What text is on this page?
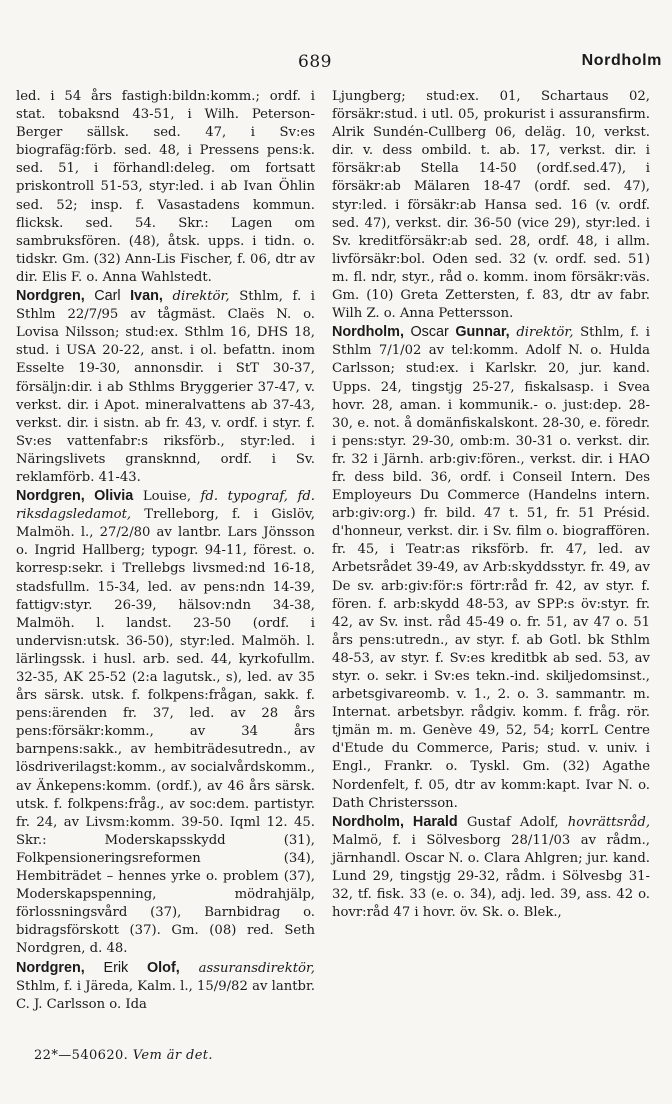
689	Nordholm

led. i 54 års fastigh:bildn:komm.; ordf. i stat. tobaksnd 43-51, i Wilh. Peterson-Berger sällsk. sed. 47, i Sv:es biografäg:förb. sed. 48, i Pressens pens:k. sed. 51, i förhandl:deleg. om fortsatt priskontroll 51-53, styr:led. i ab Ivan Öhlin sed. 52; insp. f. Vasastadens kommun. flicksk. sed. 54. Skr.: Lagen om sambruksfören. (48), åtsk. upps. i tidn. o. tidskr. Gm. (32) Ann-Lis Fischer, f. 06, dtr av dir. Elis F. o. Anna Wahlstedt.

Nordgren, Carl Ivan, direktör, Sthlm, f. i Sthlm 22/7/95 av tågmäst. Claës N. o. Lovisa Nilsson; stud:ex. Sthlm 16, DHS 18, stud. i USA 20-22, anst. i ol. befattn. inom Esselte 19-30, annonsdir. i StT 30-37, försäljn:dir. i ab Sthlms Bryggerier 37-47, v. verkst. dir. i Apot. mineralvattens ab 37-43, verkst. dir. i sistn. ab fr. 43, v. ordf. i styr. f. Sv:es vattenfabr:s riksförb., styr:led. i Näringslivets gransknnd, ordf. i Sv. reklamförb. 41-43.

Nordgren, Olivia Louise, fd. typograf, fd. riksdagsledamot, Trelleborg, f. i Gislöv, Malmöh. l., 27/2/80 av lantbr. Lars Jönsson o. Ingrid Hallberg; typogr. 94-11, förest. o. korresp:sekr. i Trellebgs livsmed:nd 16-18, stadsfullm. 15-34, led. av pens:ndn 14-39, fattigv:styr. 26-39, hälsov:ndn 34-38, Malmöh. l. landst. 23-50 (ordf. i undervisn:utsk. 36-50), styr:led. Malmöh. l. lärlingssk. i husl. arb. sed. 44, kyrkofullm. 32-35, AK 25-52 (2:a lagutsk., s), led. av 35 års särsk. utsk. f. folkpens:frågan, sakk. f. pens:ärenden fr. 37, led. av 28 års pens:försäkr:komm., av 34 års barnpens:sakk., av hembiträdesutredn., av lösdriverilagst:komm., av socialvårdskomm., av Änkepens:komm. (ordf.), av 46 års särsk. utsk. f. folkpens:fråg., av soc:dem. partistyr. fr. 24, av Livsm:komm. 39-50. Iqml 12. 45. Skr.: Moderskapsskydd (31), Folkpensioneringsreformen (34), Hembiträdet – hennes yrke o. problem (37), Moderskapspenning, mödrahjälp, förlossningsvård (37), Barnbidrag o. bidragsförskott (37). Gm. (08) red. Seth Nordgren, d. 48.

Nordgren, Erik Olof, assuransdirektör, Sthlm, f. i Järeda, Kalm. l., 15/9/82 av lantbr. C. J. Carlsson o. Ida

Ljungberg; stud:ex. 01, Schartaus 02, försäkr:stud. i utl. 05, prokurist i assuransfirm. Alrik Sundén-Cullberg 06, deläg. 10, verkst. dir. v. dess ombild. t. ab. 17, verkst. dir. i försäkr:ab Stella 14-50 (ordf.sed.47), i försäkr:ab Mälaren 18-47 (ordf. sed. 47), styr:led. i försäkr:ab Hansa sed. 16 (v. ordf. sed. 47), verkst. dir. 36-50 (vice 29), styr:led. i Sv. kreditförsäkr:ab sed. 28, ordf. 48, i allm. livförsäkr:bol. Oden sed. 32 (v. ordf. sed. 51) m. fl. ndr, styr., råd o. komm. inom försäkr:väs. Gm. (10) Greta Zettersten, f. 83, dtr av fabr. Wilh Z. o. Anna Pettersson.

Nordholm, Oscar Gunnar, direktör, Sthlm, f. i Sthlm 7/1/02 av tel:komm. Adolf N. o. Hulda Carlsson; stud:ex. i Karlskr. 20, jur. kand. Upps. 24, tingstjg 25-27, fiskalsasp. i Svea hovr. 28, aman. i kommunik.- o. just:dep. 28-30, e. not. å domänfiskalskont. 28-30, e. föredr. i pens:styr. 29-30, omb:m. 30-31 o. verkst. dir. fr. 32 i Järnh. arb:giv:fören., verkst. dir. i HAO fr. dess bild. 36, ordf. i Conseil Intern. Des Employeurs Du Commerce (Handelns intern. arb:giv:org.) fr. bild. 47 t. 51, fr. 51 Présid. d'honneur, verkst. dir. i Sv. film o. biograffören. fr. 45, i Teatr:as riksförb. fr. 47, led. av Arbetsrådet 39-49, av Arb:skyddsstyr. fr. 49, av De sv. arb:giv:för:s förtr:råd fr. 42, av styr. f. fören. f. arb:skydd 48-53, av SPP:s öv:styr. fr. 42, av Sv. inst. råd 45-49 o. fr. 51, av 47 o. 51 års pens:utredn., av styr. f. ab Gotl. bk Sthlm 48-53, av styr. f. Sv:es kreditbk ab sed. 53, av styr. o. sekr. i Sv:es tekn.-ind. skiljedomsinst., arbetsgivareomb. v. 1., 2. o. 3. sammantr. m. Internat. arbetsbyr. rådgiv. komm. f. fråg. rör. tjmän m. m. Genève 49, 52, 54; korrL Centre d'Etude du Commerce, Paris; stud. v. univ. i Engl., Frankr. o. Tyskl. Gm. (32) Agathe Nordenfelt, f. 05, dtr av komm:kapt. Ivar N. o. Dath Christersson.

Nordholm, Harald Gustaf Adolf, hovrättsråd, Malmö, f. i Sölvesborg 28/11/03 av rådm., järnhandl. Oscar N. o. Clara Ahlgren; jur. kand. Lund 29, tingstjg 29-32, rådm. i Sölvesbg 31-32, tf. fisk. 33 (e. o. 34), adj. led. 39, ass. 42 o. hovr:råd 47 i hovr. öv. Sk. o. Blek.,

22*—540620. Vem är det.
